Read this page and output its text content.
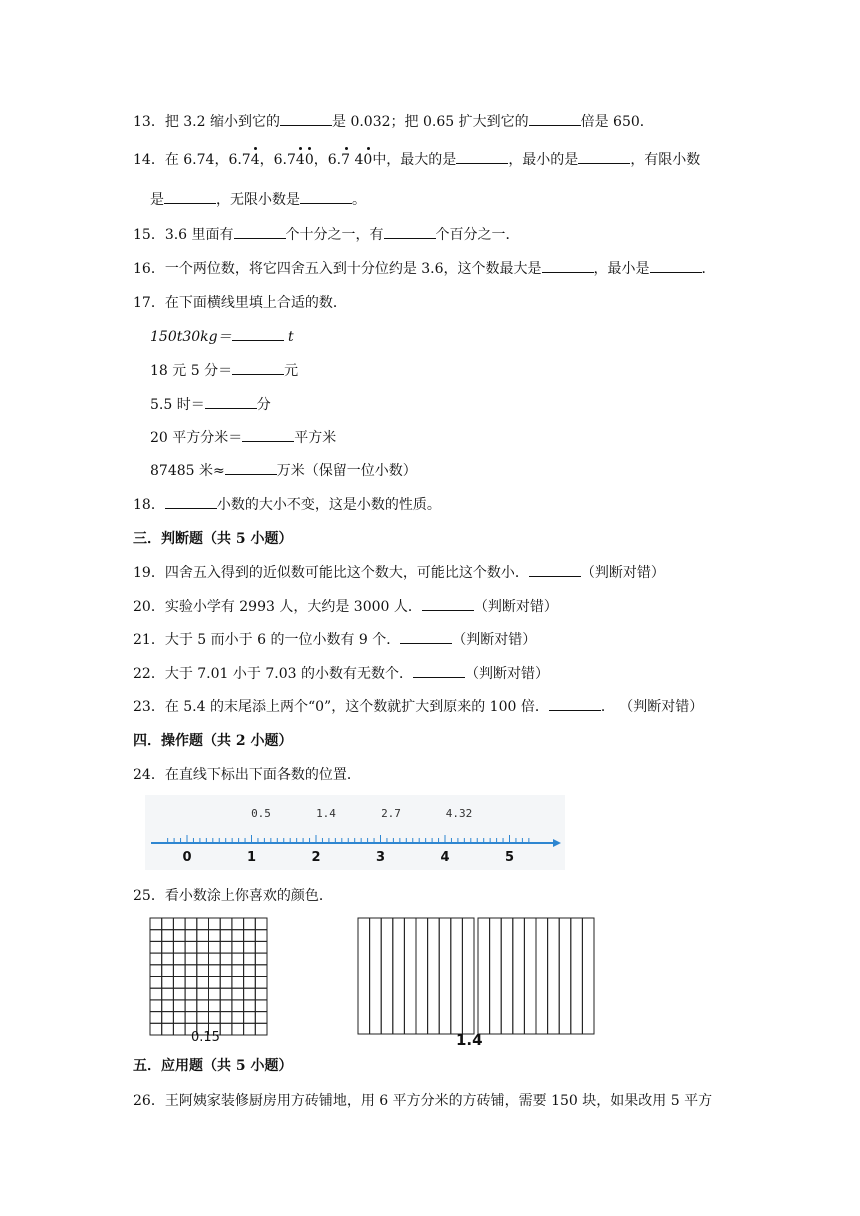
13．把 3.2 缩小到它的	是 0.032；把 0.65 扩大到它的	倍是 650．
14．在 6.74，6.74，6.740，6.7 40中，最大的是	，最小的是	，有限小数
是	，无限小数是	。
15．3.6 里面有	个十分之一，有	个百分之一．
16．一个两位数，将它四舍五入到十分位约是 3.6，这个数最大是	，最小是	．
17．在下面横线里填上合适的数．
150t30kg＝	t
18 元 5 分＝	元
5.5 时＝	分
20 平方分米＝	平方米
87485 米≈	万米（保留一位小数）
18．	小数的大小不变，这是小数的性质。
三．判断题（共 5 小题）
19．四舍五入得到的近似数可能比这个数大，可能比这个数小．	（判断对错）
20．实验小学有 2993 人，大约是 3000 人．	（判断对错）
21．大于 5 而小于 6 的一位小数有 9 个．	（判断对错）
22．大于 7.01 小于 7.03 的小数有无数个．	（判断对错）
23．在 5.4 的末尾添上两个“0”，这个数就扩大到原来的 100 倍．	． （判断对错）
四．操作题（共 2 小题）
24．在直线下标出下面各数的位置．
0.5	1.4	2.7	4.32
0	1	2	3	4	5
25．看小数涂上你喜欢的颜色．
0.15	1.4
五．应用题（共 5 小题）
26．王阿姨家装修厨房用方砖铺地，用 6 平方分米的方砖铺，需要 150 块，如果改用 5 平方
